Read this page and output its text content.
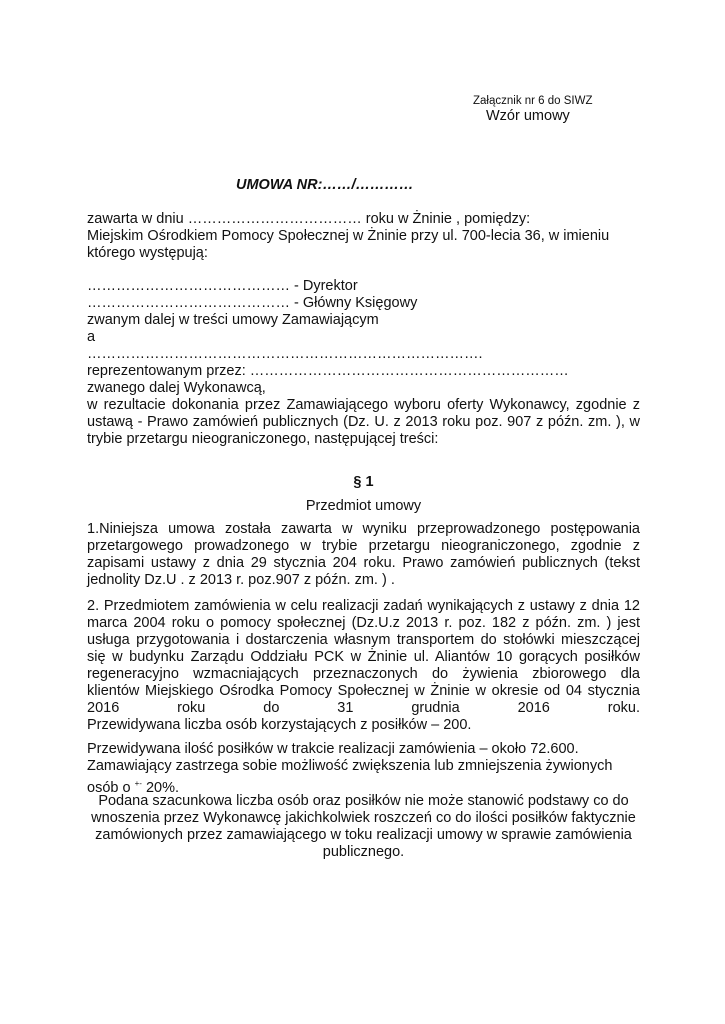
Załącznik nr 6 do SIWZ
Wzór umowy
UMOWA NR:……/…………
zawarta w dniu ……………………………… roku w Żninie , pomiędzy:
Miejskim Ośrodkiem Pomocy Społecznej w Żninie przy ul. 700-lecia 36, w imieniu
którego występują:
…………………………………… - Dyrektor
…………………………………… - Główny Księgowy
zwanym dalej w treści umowy Zamawiającym
a
……………………………………………………………………….
reprezentowanym przez: …………………………………………………………
zwanego dalej Wykonawcą,
w rezultacie dokonania przez Zamawiającego wyboru oferty Wykonawcy, zgodnie z
ustawą - Prawo zamówień publicznych (Dz. U. z 2013 roku poz. 907 z późn. zm. ), w
trybie przetargu nieograniczonego, następującej treści:
§ 1
Przedmiot umowy
1.Niniejsza umowa została zawarta w wyniku przeprowadzonego postępowania
przetargowego prowadzonego w trybie przetargu nieograniczonego, zgodnie z
zapisami ustawy z dnia 29 stycznia 204 roku. Prawo zamówień publicznych (tekst
jednolity Dz.U . z 2013 r. poz.907 z późn. zm. ) .
2. Przedmiotem zamówienia w celu realizacji zadań wynikających z ustawy z dnia 12
marca 2004 roku o pomocy społecznej (Dz.U.z 2013 r. poz. 182 z późn. zm. ) jest
usługa przygotowania i dostarczenia własnym transportem do stołówki mieszczącej
się w budynku Zarządu Oddziału PCK w Żninie ul. Aliantów 10 gorących posiłków
regeneracyjno wzmacniających przeznaczonych do żywienia zbiorowego dla
klientów Miejskiego Ośrodka Pomocy Społecznej w Żninie w okresie od 04 stycznia
2016	roku	do	31	grudnia	2016	roku.
Przewidywana liczba osób korzystających z posiłków – 200.
Przewidywana ilość posiłków w trakcie realizacji zamówienia – około 72.600.
Zamawiający zastrzega sobie możliwość zwiększenia lub zmniejszenia żywionych
osób o +- 20%.
Podana szacunkowa liczba osób oraz posiłków nie może stanowić podstawy co do
wnoszenia przez Wykonawcę jakichkolwiek roszczeń co do ilości posiłków faktycznie
zamówionych przez zamawiającego w toku realizacji umowy w sprawie zamówienia
publicznego.
